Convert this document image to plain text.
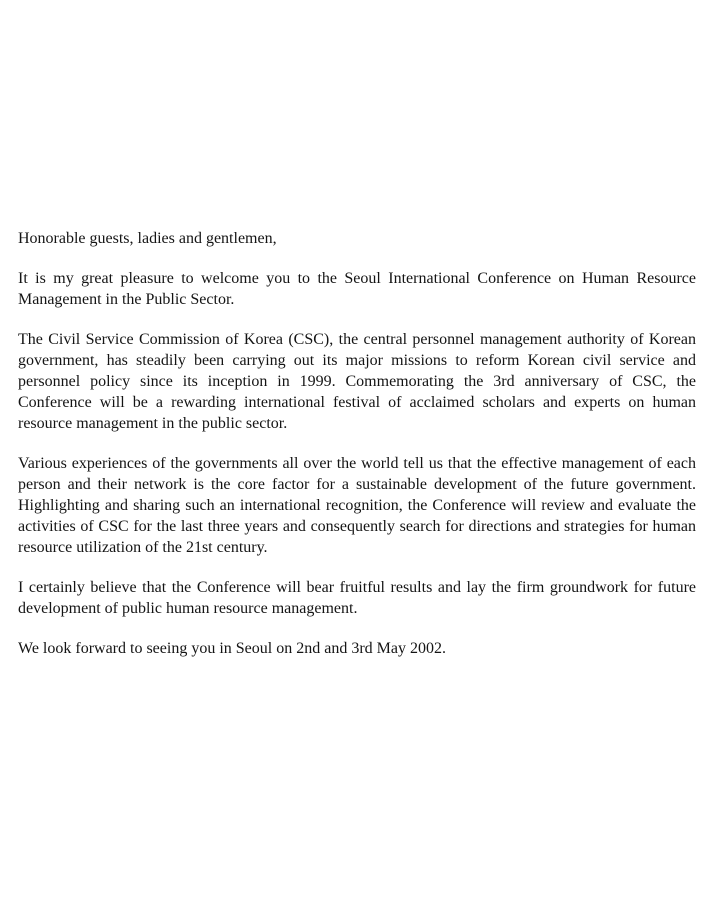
Honorable guests, ladies and gentlemen,

It is my great pleasure to welcome you to the Seoul International Conference on Human Resource Management in the Public Sector.

The Civil Service Commission of Korea (CSC), the central personnel management authority of Korean government, has steadily been carrying out its major missions to reform Korean civil service and personnel policy since its inception in 1999. Commemorating the 3rd anniversary of CSC, the Conference will be a rewarding international festival of acclaimed scholars and experts on human resource management in the public sector.

Various experiences of the governments all over the world tell us that the effective management of each person and their network is the core factor for a sustainable development of the future government. Highlighting and sharing such an international recognition, the Conference will review and evaluate the activities of CSC for the last three years and consequently search for directions and strategies for human resource utilization of the 21st century.

I certainly believe that the Conference will bear fruitful results and lay the firm groundwork for future development of public human resource management.

We look forward to seeing you in Seoul on 2nd and 3rd May 2002.
